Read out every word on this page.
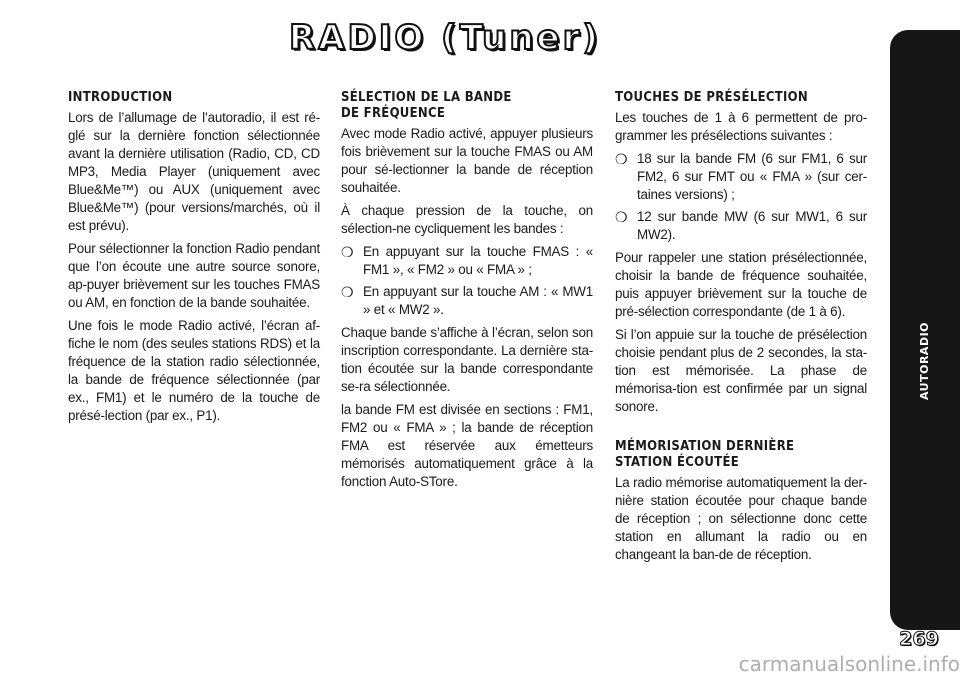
RADIO (Tuner)
INTRODUCTION

Lors de l’allumage de l’autoradio, il est ré-glé sur la dernière fonction sélectionnée avant la dernière utilisation (Radio, CD, CD MP3, Media Player (uniquement avec Blue&Me™) ou AUX (uniquement avec Blue&Me™) (pour versions/marchés, où il est prévu).

Pour sélectionner la fonction Radio pendant que l’on écoute une autre source sonore, ap-puyer brièvement sur les touches FMAS ou AM, en fonction de la bande souhaitée.

Une fois le mode Radio activé, l’écran af-fiche le nom (des seules stations RDS) et la fréquence de la station radio sélectionnée, la bande de fréquence sélectionnée (par ex., FM1) et le numéro de la touche de présé-lection (par ex., P1).

SÉLECTION DE LA BANDE
DE FRÉQUENCE

Avec mode Radio activé, appuyer plusieurs fois brièvement sur la touche FMAS ou AM pour sé-lectionner la bande de réception souhaitée.

À chaque pression de la touche, on sélection-ne cycliquement les bandes :

❍ En appuyant sur la touche FMAS : « FM1 », « FM2 » ou « FMA » ;
❍ En appuyant sur la touche AM : « MW1 » et « MW2 ».

Chaque bande s’affiche à l’écran, selon son inscription correspondante. La dernière sta-tion écoutée sur la bande correspondante se-ra sélectionnée.

la bande FM est divisée en sections : FM1, FM2 ou « FMA » ; la bande de réception FMA est réservée aux émetteurs mémorisés automatiquement grâce à la fonction Auto-STore.

TOUCHES DE PRÉSÉLECTION

Les touches de 1 à 6 permettent de pro-grammer les présélections suivantes :

❍ 18 sur la bande FM (6 sur FM1, 6 sur FM2, 6 sur FMT ou « FMA » (sur cer-taines versions) ;
❍ 12 sur bande MW (6 sur MW1, 6 sur MW2).

Pour rappeler une station présélectionnée, choisir la bande de fréquence souhaitée, puis appuyer brièvement sur la touche de pré-sélection correspondante (de 1 à 6).

Si l’on appuie sur la touche de présélection choisie pendant plus de 2 secondes, la sta-tion est mémorisée. La phase de mémorisa-tion est confirmée par un signal sonore.

MÉMORISATION DERNIÈRE
STATION ÉCOUTÉE

La radio mémorise automatiquement la der-nière station écoutée pour chaque bande de réception ; on sélectionne donc cette station en allumant la radio ou en changeant la ban-de de réception.

AUTORADIO
269
carmanualsonline.info
